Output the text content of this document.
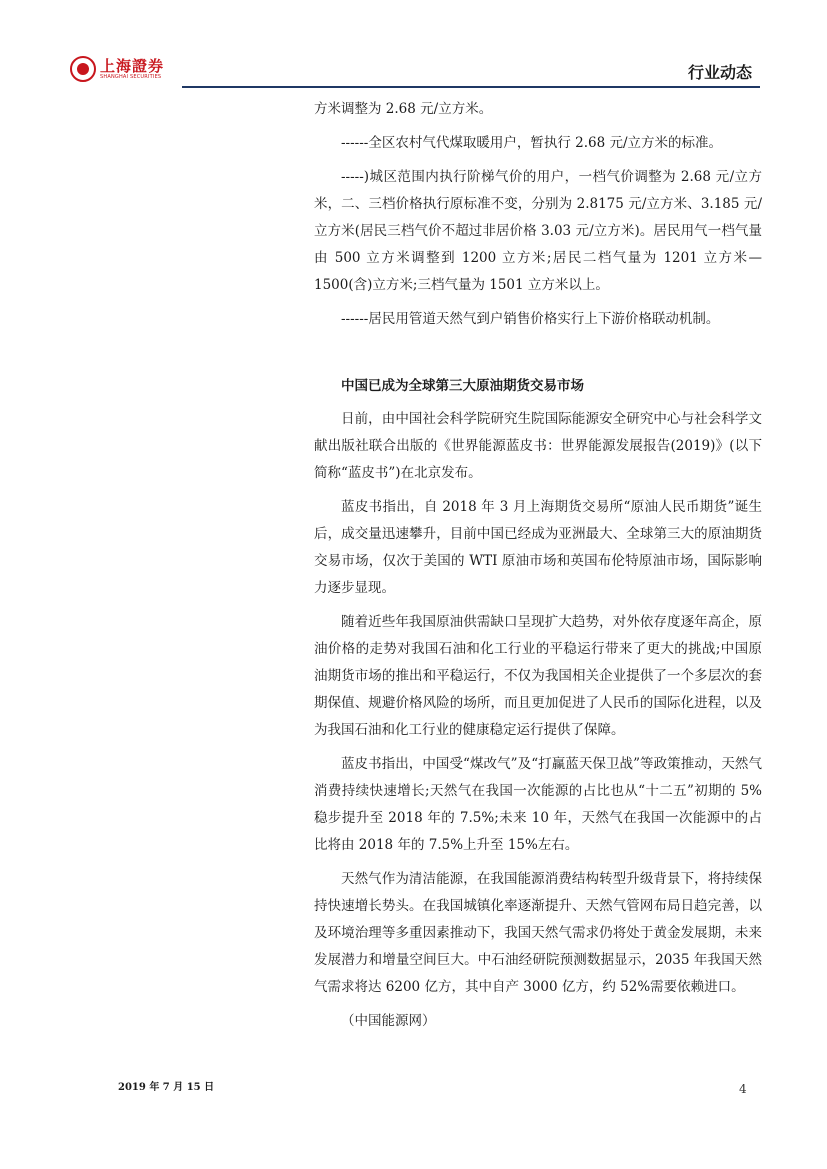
上海證券
SHANGHAI SECURITIES	行业动态

方米调整为 2.68 元/立方米。

------全区农村气代煤取暖用户，暂执行 2.68 元/立方米的标准。

-----)城区范围内执行阶梯气价的用户，一档气价调整为 2.68 元/立方米，二、三档价格执行原标准不变，分别为 2.8175 元/立方米、3.185 元/立方米(居民三档气价不超过非居价格 3.03 元/立方米)。居民用气一档气量由 500 立方米调整到 1200 立方米;居民二档气量为 1201 立方米—1500(含)立方米;三档气量为 1501 立方米以上。

------居民用管道天然气到户销售价格实行上下游价格联动机制。

中国已成为全球第三大原油期货交易市场

日前，由中国社会科学院研究生院国际能源安全研究中心与社会科学文献出版社联合出版的《世界能源蓝皮书：世界能源发展报告(2019)》(以下简称“蓝皮书”)在北京发布。

蓝皮书指出，自 2018 年 3 月上海期货交易所“原油人民币期货”诞生后，成交量迅速攀升，目前中国已经成为亚洲最大、全球第三大的原油期货交易市场，仅次于美国的 WTI 原油市场和英国布伦特原油市场，国际影响力逐步显现。

随着近些年我国原油供需缺口呈现扩大趋势，对外依存度逐年高企，原油价格的走势对我国石油和化工行业的平稳运行带来了更大的挑战;中国原油期货市场的推出和平稳运行，不仅为我国相关企业提供了一个多层次的套期保值、规避价格风险的场所，而且更加促进了人民币的国际化进程，以及为我国石油和化工行业的健康稳定运行提供了保障。

蓝皮书指出，中国受“煤改气”及“打赢蓝天保卫战”等政策推动，天然气消费持续快速增长;天然气在我国一次能源的占比也从“十二五”初期的 5%稳步提升至 2018 年的 7.5%;未来 10 年，天然气在我国一次能源中的占比将由 2018 年的 7.5%上升至 15%左右。

天然气作为清洁能源，在我国能源消费结构转型升级背景下，将持续保持快速增长势头。在我国城镇化率逐渐提升、天然气管网布局日趋完善，以及环境治理等多重因素推动下，我国天然气需求仍将处于黄金发展期，未来发展潜力和增量空间巨大。中石油经研院预测数据显示，2035 年我国天然气需求将达 6200 亿方，其中自产 3000 亿方，约 52%需要依赖进口。

（中国能源网）

2019 年 7 月 15 日	4
